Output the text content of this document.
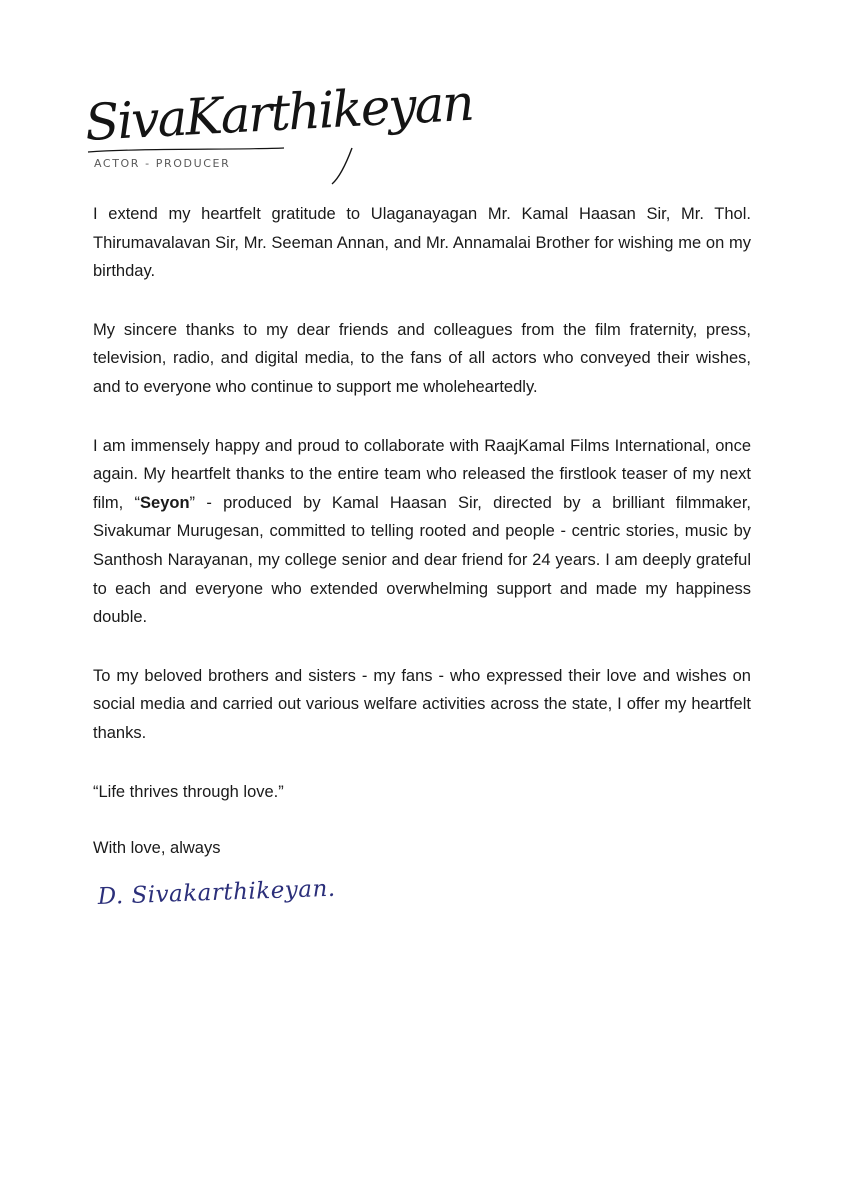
SivaKarthikeyan
ACTOR - PRODUCER

I extend my heartfelt gratitude to Ulaganayagan Mr. Kamal Haasan Sir, Mr. Thol. Thirumavalavan Sir, Mr. Seeman Annan, and Mr. Annamalai Brother for wishing me on my birthday.

My sincere thanks to my dear friends and colleagues from the film fraternity, press, television, radio, and digital media, to the fans of all actors who conveyed their wishes, and to everyone who continue to support me wholeheartedly.

I am immensely happy and proud to collaborate with RaajKamal Films International, once again. My heartfelt thanks to the entire team who released the firstlook teaser of my next film, “Seyon” - produced by Kamal Haasan Sir, directed by a brilliant filmmaker, Sivakumar Murugesan, committed to telling rooted and people - centric stories, music by Santhosh Narayanan, my college senior and dear friend for 24 years. I am deeply grateful to each and everyone who extended overwhelming support and made my happiness double.

To my beloved brothers and sisters - my fans - who expressed their love and wishes on social media and carried out various welfare activities across the state, I offer my heartfelt thanks.

“Life thrives through love.”

With love, always

D. Sivakarthikeyan.
